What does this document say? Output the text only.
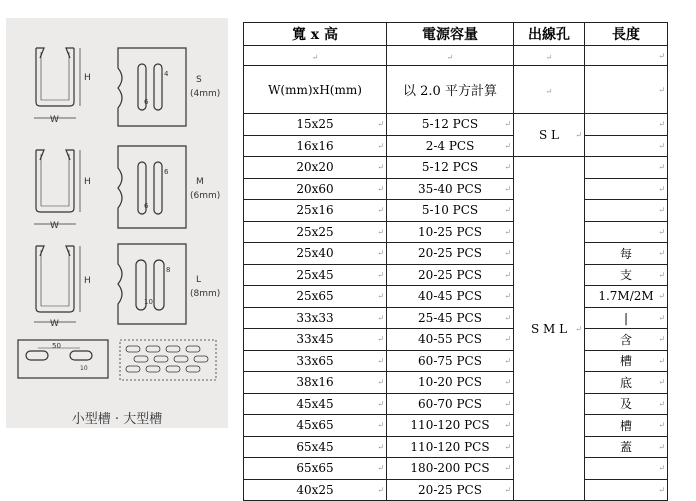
H
H
H
W
W
W
S
(4mm)
M
(6mm)
L
(8mm)
4
6
6
6
8
10
50
10
小型槽 ‧ 大型槽
寬 x 高	電源容量	出線孔	長度
↵	↵	↵	↵

W(mm)xH(mm)	以 2.0 平方計算	↵	↵

15x25 ↵	5-12 PCS ↵	S L ↵	↵

16x16 ↵	2-4 PCS ↵		↵

20x20 ↵	5-12 PCS ↵	S M L ↵	↵

20x60 ↵	35-40 PCS ↵		↵

25x16 ↵	5-10 PCS ↵		↵

25x25 ↵	10-25 PCS ↵		↵

25x40 ↵	20-25 PCS ↵		每 ↵

25x45 ↵	20-25 PCS ↵		支 ↵

25x65 ↵	40-45 PCS ↵		1.7M/2M ↵

33x33 ↵	25-45 PCS ↵		| ↵

33x45 ↵	40-55 PCS ↵		含 ↵

33x65 ↵	60-75 PCS ↵		槽 ↵

38x16 ↵	10-20 PCS ↵		底 ↵

45x45 ↵	60-70 PCS ↵		及 ↵

45x65 ↵	110-120 PCS ↵		槽 ↵

65x45 ↵	110-120 PCS ↵		蓋 ↵

65x65 ↵	180-200 PCS ↵		↵

40x25 ↵	20-25 PCS ↵		↵
